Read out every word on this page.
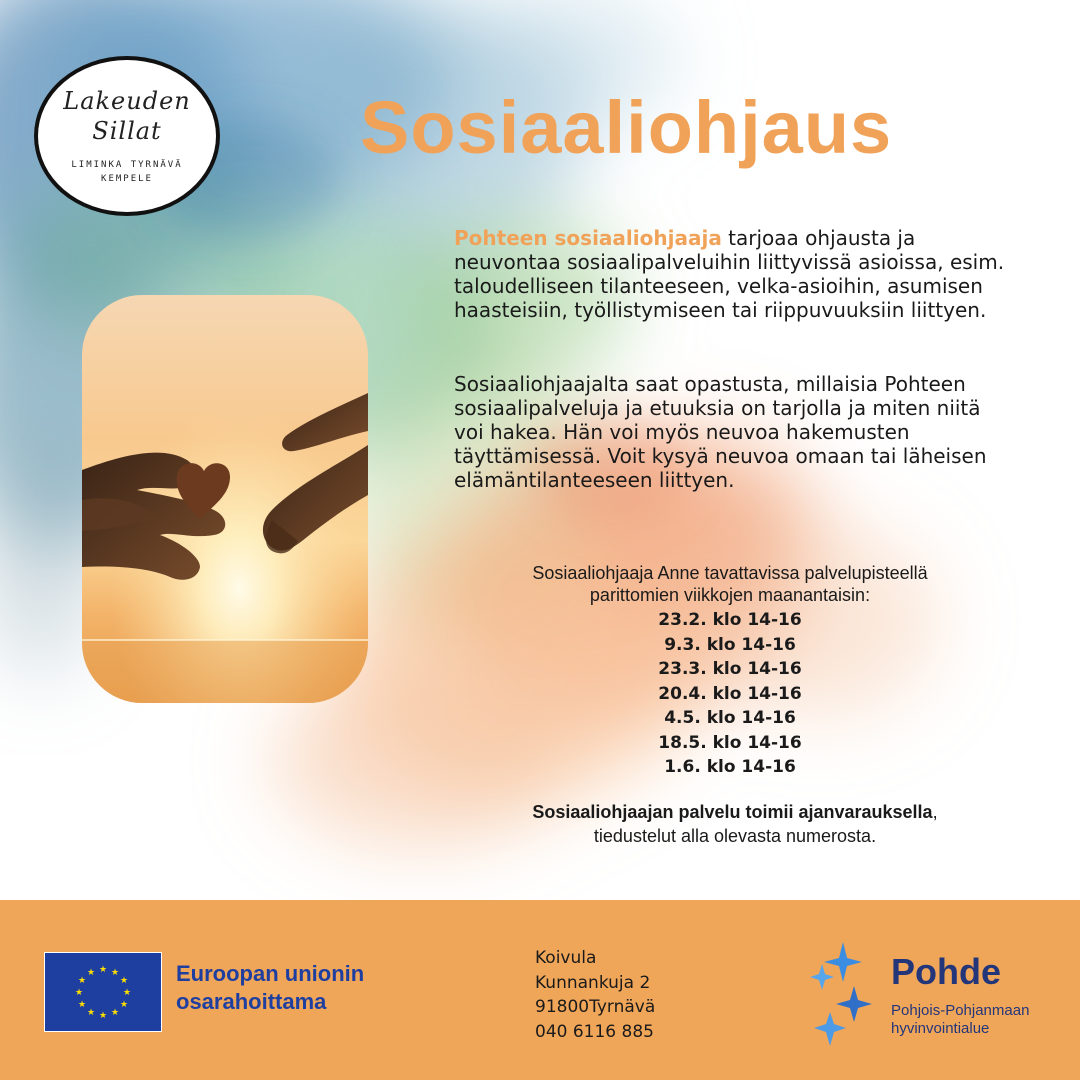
Lakeuden
Sillat
LIMINKA TYRNÄVÄ
KEMPELE
Sosiaaliohjaus

Pohteen sosiaaliohjaaja tarjoaa ohjausta ja neuvontaa sosiaalipalveluihin liittyvissä asioissa, esim. taloudelliseen tilanteeseen, velka-asioihin, asumisen haasteisiin, työllistymiseen tai riippuvuuksiin liittyen.

Sosiaaliohjaajalta saat opastusta, millaisia Pohteen sosiaalipalveluja ja etuuksia on tarjolla ja miten niitä voi hakea. Hän voi myös neuvoa hakemusten täyttämisessä. Voit kysyä neuvoa omaan tai läheisen elämäntilanteeseen liittyen.

Sosiaaliohjaaja Anne tavattavissa palvelupisteellä
parittomien viikkojen maanantaisin:
23.2. klo 14-16
9.3. klo 14-16
23.3. klo 14-16
20.4. klo 14-16
4.5. klo 14-16
18.5. klo 14-16
1.6. klo 14-16
Sosiaaliohjaajan palvelu toimii ajanvarauksella,
tiedustelut alla olevasta numerosta.
★ ★
★
★
★
★
★
★
★
★
★
★	Euroopan unionin
osarahoittama
Koivula
Kunnankuja 2
91800Tyrnävä
040 6116 885
Pohde
Pohjois-Pohjanmaan
hyvinvointialue
